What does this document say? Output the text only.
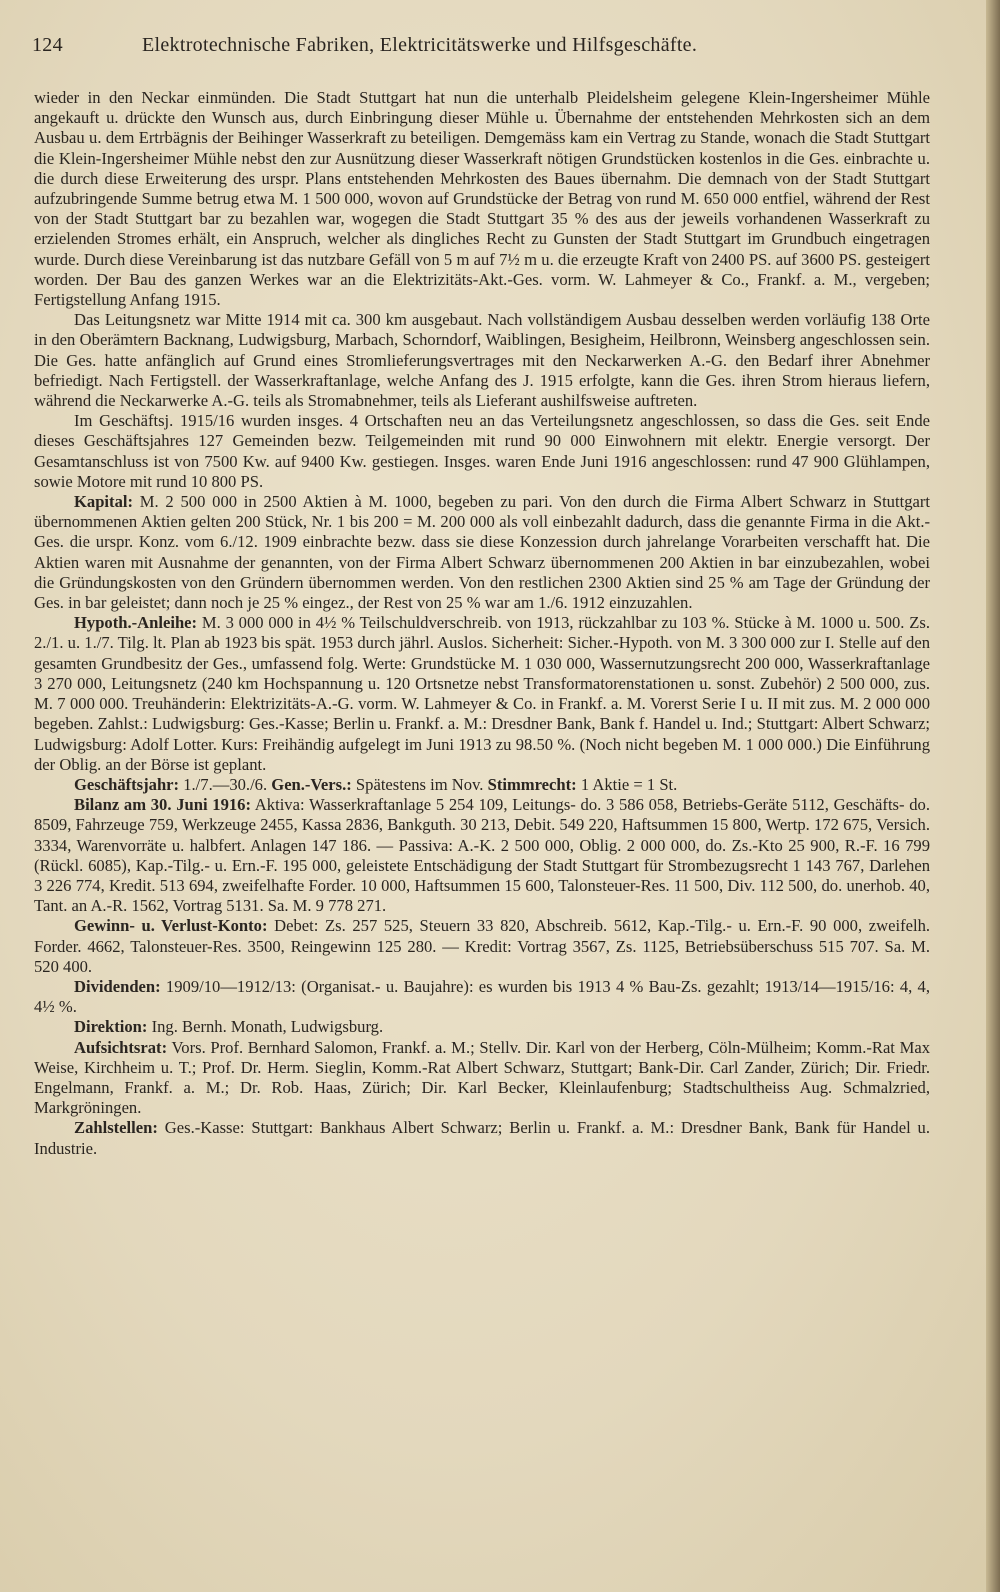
124	Elektrotechnische Fabriken, Elektricitätswerke und Hilfsgeschäfte.

wieder in den Neckar einmünden. Die Stadt Stuttgart hat nun die unterhalb Pleidelsheim gelegene Klein-Ingersheimer Mühle angekauft u. drückte den Wunsch aus, durch Einbringung dieser Mühle u. Übernahme der entstehenden Mehrkosten sich an dem Ausbau u. dem Ertrbägnis der Beihinger Wasserkraft zu beteiligen. Demgemäss kam ein Vertrag zu Stande, wonach die Stadt Stuttgart die Klein-Ingersheimer Mühle nebst den zur Ausnützung dieser Wasserkraft nötigen Grundstücken kostenlos in die Ges. einbrachte u. die durch diese Erweiterung des urspr. Plans entstehenden Mehrkosten des Baues übernahm. Die demnach von der Stadt Stuttgart aufzubringende Summe betrug etwa M. 1 500 000, wovon auf Grundstücke der Betrag von rund M. 650 000 entfiel, während der Rest von der Stadt Stuttgart bar zu bezahlen war, wogegen die Stadt Stuttgart 35 % des aus der jeweils vorhandenen Wasserkraft zu erzielenden Stromes erhält, ein Anspruch, welcher als dingliches Recht zu Gunsten der Stadt Stuttgart im Grundbuch eingetragen wurde. Durch diese Vereinbarung ist das nutzbare Gefäll von 5 m auf 7½ m u. die erzeugte Kraft von 2400 PS. auf 3600 PS. gesteigert worden. Der Bau des ganzen Werkes war an die Elektrizitäts-Akt.-Ges. vorm. W. Lahmeyer & Co., Frankf. a. M., vergeben; Fertigstellung Anfang 1915.

Das Leitungsnetz war Mitte 1914 mit ca. 300 km ausgebaut. Nach vollständigem Ausbau desselben werden vorläufig 138 Orte in den Oberämtern Backnang, Ludwigsburg, Marbach, Schorndorf, Waiblingen, Besigheim, Heilbronn, Weinsberg angeschlossen sein. Die Ges. hatte anfänglich auf Grund eines Stromlieferungsvertrages mit den Neckarwerken A.-G. den Bedarf ihrer Abnehmer befriedigt. Nach Fertigstell. der Wasserkraftanlage, welche Anfang des J. 1915 erfolgte, kann die Ges. ihren Strom hieraus liefern, während die Neckarwerke A.-G. teils als Stromabnehmer, teils als Lieferant aushilfsweise auftreten.

Im Geschäftsj. 1915/16 wurden insges. 4 Ortschaften neu an das Verteilungsnetz angeschlossen, so dass die Ges. seit Ende dieses Geschäftsjahres 127 Gemeinden bezw. Teilgemeinden mit rund 90 000 Einwohnern mit elektr. Energie versorgt. Der Gesamtanschluss ist von 7500 Kw. auf 9400 Kw. gestiegen. Insges. waren Ende Juni 1916 angeschlossen: rund 47 900 Glühlampen, sowie Motore mit rund 10 800 PS.

Kapital: M. 2 500 000 in 2500 Aktien à M. 1000, begeben zu pari. Von den durch die Firma Albert Schwarz in Stuttgart übernommenen Aktien gelten 200 Stück, Nr. 1 bis 200 = M. 200 000 als voll einbezahlt dadurch, dass die genannte Firma in die Akt.-Ges. die urspr. Konz. vom 6./12. 1909 einbrachte bezw. dass sie diese Konzession durch jahrelange Vorarbeiten verschafft hat. Die Aktien waren mit Ausnahme der genannten, von der Firma Albert Schwarz übernommenen 200 Aktien in bar einzubezahlen, wobei die Gründungskosten von den Gründern übernommen werden. Von den restlichen 2300 Aktien sind 25 % am Tage der Gründung der Ges. in bar geleistet; dann noch je 25 % eingez., der Rest von 25 % war am 1./6. 1912 einzuzahlen.

Hypoth.-Anleihe: M. 3 000 000 in 4½ % Teilschuldverschreib. von 1913, rückzahlbar zu 103 %. Stücke à M. 1000 u. 500. Zs. 2./1. u. 1./7. Tilg. lt. Plan ab 1923 bis spät. 1953 durch jährl. Auslos. Sicherheit: Sicher.-Hypoth. von M. 3 300 000 zur I. Stelle auf den gesamten Grundbesitz der Ges., umfassend folg. Werte: Grundstücke M. 1 030 000, Wassernutzungsrecht 200 000, Wasserkraftanlage 3 270 000, Leitungsnetz (240 km Hochspannung u. 120 Ortsnetze nebst Transformatorenstationen u. sonst. Zubehör) 2 500 000, zus. M. 7 000 000. Treuhänderin: Elektrizitäts-A.-G. vorm. W. Lahmeyer & Co. in Frankf. a. M. Vorerst Serie I u. II mit zus. M. 2 000 000 begeben. Zahlst.: Ludwigsburg: Ges.-Kasse; Berlin u. Frankf. a. M.: Dresdner Bank, Bank f. Handel u. Ind.; Stuttgart: Albert Schwarz; Ludwigsburg: Adolf Lotter. Kurs: Freihändig aufgelegt im Juni 1913 zu 98.50 %. (Noch nicht begeben M. 1 000 000.) Die Einführung der Oblig. an der Börse ist geplant.

Geschäftsjahr: 1./7.—30./6. Gen.-Vers.: Spätestens im Nov. Stimmrecht: 1 Aktie = 1 St.

Bilanz am 30. Juni 1916: Aktiva: Wasserkraftanlage 5 254 109, Leitungs- do. 3 586 058, Betriebs-Geräte 5112, Geschäfts- do. 8509, Fahrzeuge 759, Werkzeuge 2455, Kassa 2836, Bankguth. 30 213, Debit. 549 220, Haftsummen 15 800, Wertp. 172 675, Versich. 3334, Warenvorräte u. halbfert. Anlagen 147 186. — Passiva: A.-K. 2 500 000, Oblig. 2 000 000, do. Zs.-Kto 25 900, R.-F. 16 799 (Rückl. 6085), Kap.-Tilg.- u. Ern.-F. 195 000, geleistete Entschädigung der Stadt Stuttgart für Strombezugsrecht 1 143 767, Darlehen 3 226 774, Kredit. 513 694, zweifelhafte Forder. 10 000, Haftsummen 15 600, Talonsteuer-Res. 11 500, Div. 112 500, do. unerhob. 40, Tant. an A.-R. 1562, Vortrag 5131. Sa. M. 9 778 271.

Gewinn- u. Verlust-Konto: Debet: Zs. 257 525, Steuern 33 820, Abschreib. 5612, Kap.-Tilg.- u. Ern.-F. 90 000, zweifelh. Forder. 4662, Talonsteuer-Res. 3500, Reingewinn 125 280. — Kredit: Vortrag 3567, Zs. 1125, Betriebsüberschuss 515 707. Sa. M. 520 400.

Dividenden: 1909/10—1912/13: (Organisat.- u. Baujahre): es wurden bis 1913 4 % Bau-Zs. gezahlt; 1913/14—1915/16: 4, 4, 4½ %.

Direktion: Ing. Bernh. Monath, Ludwigsburg.

Aufsichtsrat: Vors. Prof. Bernhard Salomon, Frankf. a. M.; Stellv. Dir. Karl von der Herberg, Cöln-Mülheim; Komm.-Rat Max Weise, Kirchheim u. T.; Prof. Dr. Herm. Sieglin, Komm.-Rat Albert Schwarz, Stuttgart; Bank-Dir. Carl Zander, Zürich; Dir. Friedr. Engelmann, Frankf. a. M.; Dr. Rob. Haas, Zürich; Dir. Karl Becker, Kleinlaufenburg; Stadtschultheiss Aug. Schmalzried, Markgröningen.

Zahlstellen: Ges.-Kasse: Stuttgart: Bankhaus Albert Schwarz; Berlin u. Frankf. a. M.: Dresdner Bank, Bank für Handel u. Industrie.
